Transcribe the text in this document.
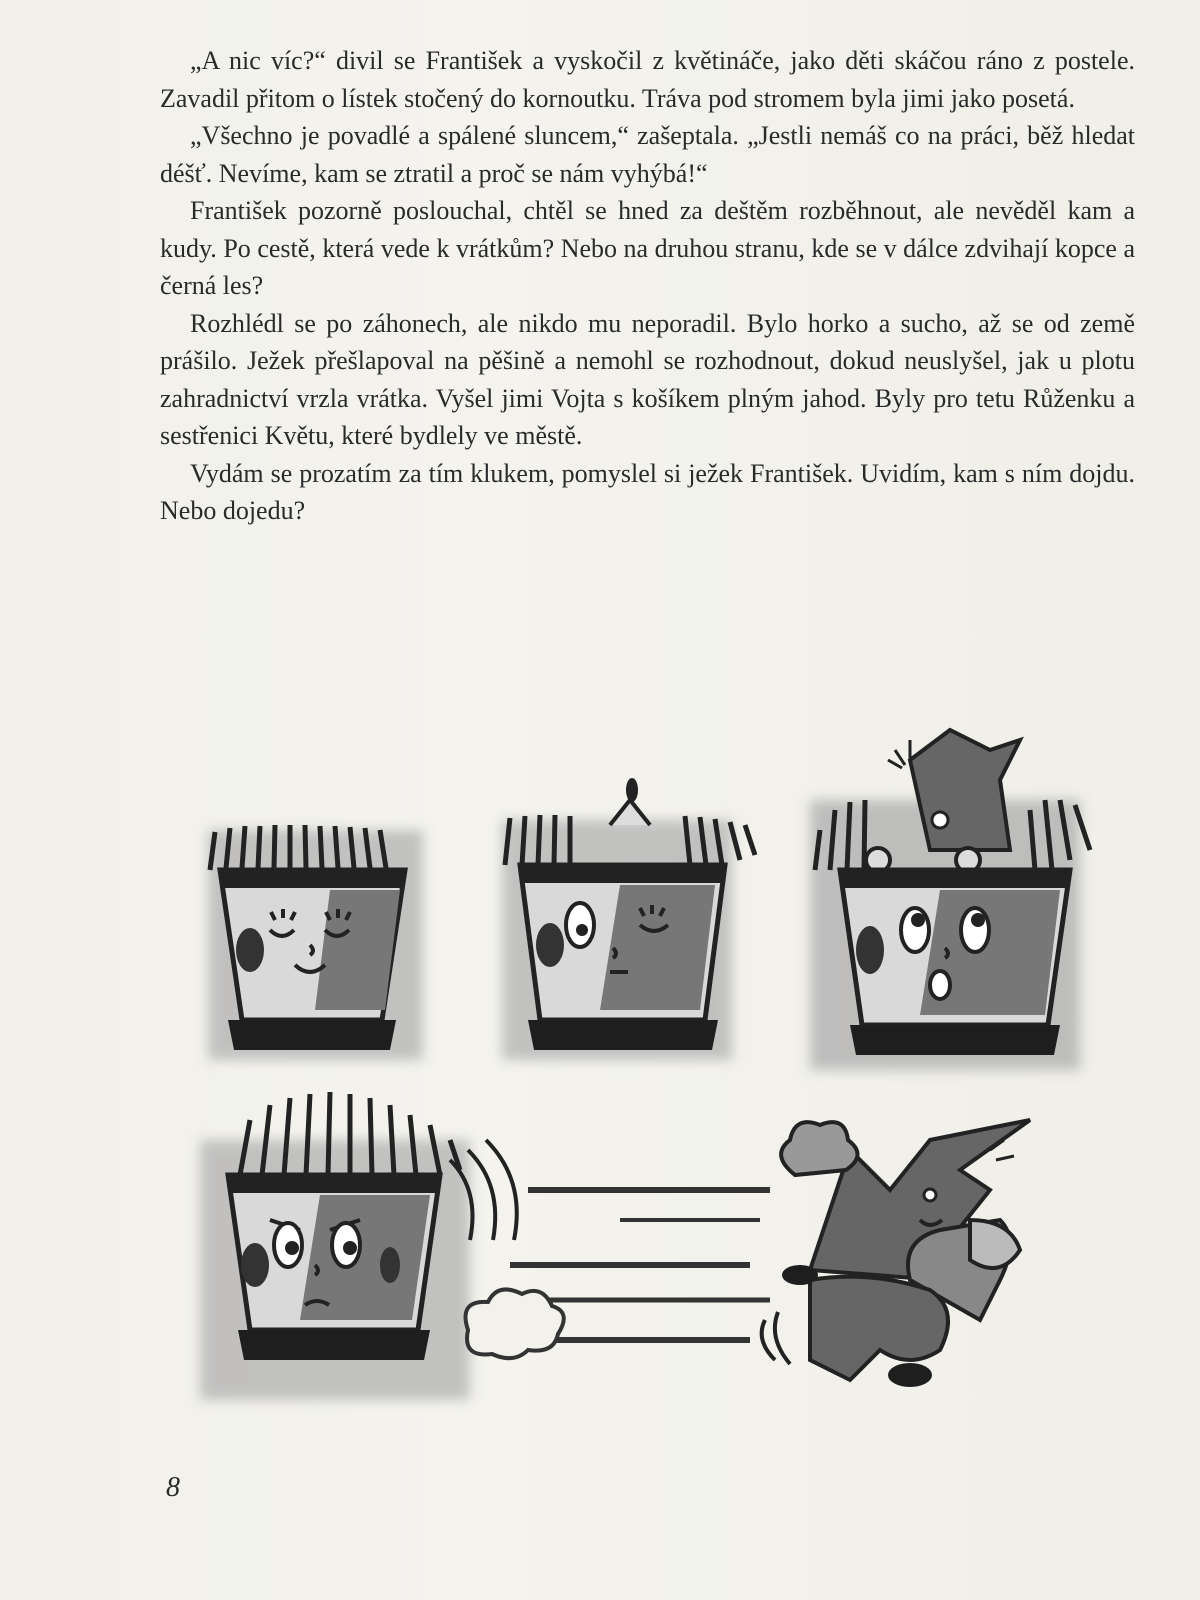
„A nic víc?“ divil se František a vyskočil z květináče, jako děti skáčou ráno z postele. Zavadil přitom o lístek stočený do kornoutku. Tráva pod stromem byla jimi jako posetá.

„Všechno je povadlé a spálené sluncem,“ zašeptala. „Jestli nemáš co na práci, běž hledat déšť. Nevíme, kam se ztratil a proč se nám vyhýbá!“

František pozorně poslouchal, chtěl se hned za deštěm rozběhnout, ale nevěděl kam a kudy. Po cestě, která vede k vrátkům? Nebo na druhou stranu, kde se v dálce zdvihají kopce a černá les?

Rozhlédl se po záhonech, ale nikdo mu neporadil. Bylo horko a sucho, až se od země prášilo. Ježek přešlapoval na pěšině a nemohl se rozhodnout, dokud neuslyšel, jak u plotu zahradnictví vrzla vrátka. Vyšel jimi Vojta s košíkem plným jahod. Byly pro tetu Růženku a sestřenici Květu, které bydlely ve městě.

Vydám se prozatím za tím klukem, pomyslel si ježek František. Uvidím, kam s ním dojdu. Nebo dojedu?

8
